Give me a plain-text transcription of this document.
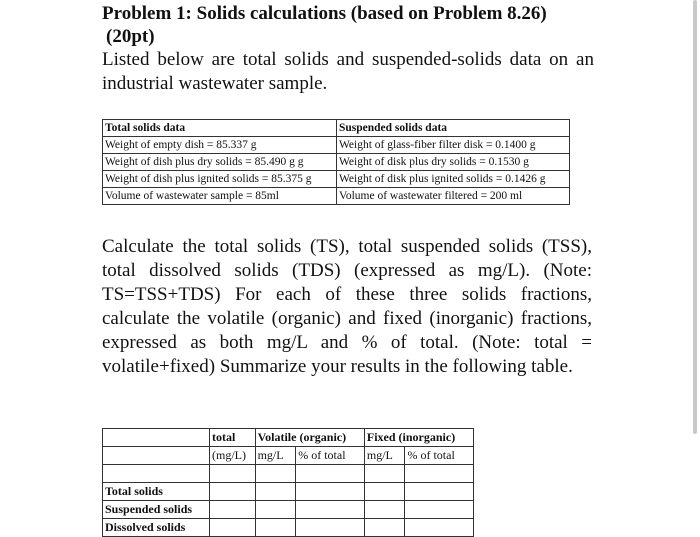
Problem 1: Solids calculations (based on Problem 8.26)
(20pt)

Listed below are total solids and suspended-solids data on an industrial wastewater sample.

Total solids data	Suspended solids data
Weight of empty dish = 85.337 g	Weight of glass-fiber filter disk = 0.1400 g
Weight of dish plus dry solids = 85.490 g g	Weight of disk plus dry solids = 0.1530 g
Weight of dish plus ignited solids = 85.375 g	Weight of disk plus ignited solids = 0.1426 g
Volume of wastewater sample = 85ml	Volume of wastewater filtered = 200 ml

Calculate the total solids (TS), total suspended solids (TSS), total dissolved solids (TDS) (expressed as mg/L). (Note: TS=TSS+TDS) For each of these three solids fractions, calculate the volatile (organic) and fixed (inorganic) fractions, expressed as both mg/L and % of total. (Note: total = volatile+fixed) Summarize your results in the following table.

	total	Volatile (organic)		Fixed (inorganic)	
	(mg/L)	mg/L	% of total	mg/L	% of total

Total solids					
Suspended solids					
Dissolved solids					
